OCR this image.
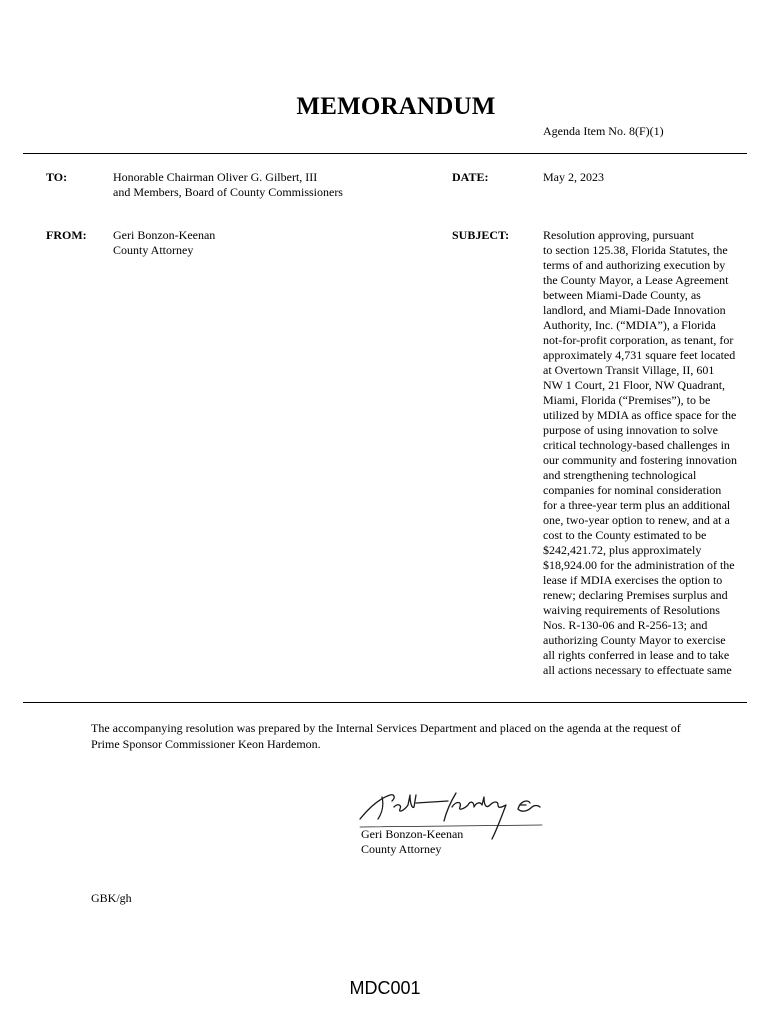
MEMORANDUM
Agenda Item No. 8(F)(1)
TO:	Honorable Chairman Oliver G. Gilbert, III
and Members, Board of County Commissioners
DATE:	May 2, 2023
FROM: Geri Bonzon-Keenan
County Attorney
SUBJECT:	Resolution approving, pursuant
to section 125.38, Florida Statutes, the
terms of and authorizing execution by
the County Mayor, a Lease Agreement
between Miami-Dade County, as
landlord, and Miami-Dade Innovation
Authority, Inc. (“MDIA”), a Florida
not-for-profit corporation, as tenant, for
approximately 4,731 square feet located
at Overtown Transit Village, II, 601
NW 1 Court, 21 Floor, NW Quadrant,
Miami, Florida (“Premises”), to be
utilized by MDIA as office space for the
purpose of using innovation to solve
critical technology-based challenges in
our community and fostering innovation
and strengthening technological
companies for nominal consideration
for a three-year term plus an additional
one, two-year option to renew, and at a
cost to the County estimated to be
$242,421.72, plus approximately
$18,924.00 for the administration of the
lease if MDIA exercises the option to
renew; declaring Premises surplus and
waiving requirements of Resolutions
Nos. R-130-06 and R-256-13; and
authorizing County Mayor to exercise
all rights conferred in lease and to take
all actions necessary to effectuate same
The accompanying resolution was prepared by the Internal Services Department and placed on the agenda at the request of Prime Sponsor Commissioner Keon Hardemon.
Geri Bonzon-Keenan
County Attorney
GBK/gh
MDC001
